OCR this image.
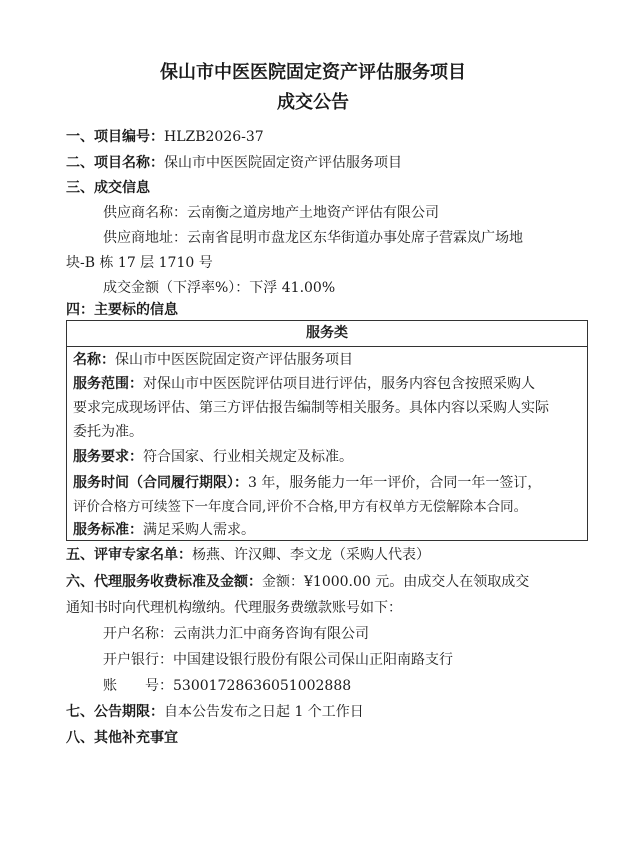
保山市中医医院固定资产评估服务项目
成交公告
一、项目编号：HLZB2026-37
二、项目名称：保山市中医医院固定资产评估服务项目
三、成交信息
供应商名称：云南衡之道房地产土地资产评估有限公司
供应商地址：云南省昆明市盘龙区东华街道办事处席子营霖岚广场地
块-B 栋 17 层 1710 号
成交金额（下浮率%）：下浮 41.00%
四：主要标的信息
服务类
名称：保山市中医医院固定资产评估服务项目
服务范围：对保山市中医医院评估项目进行评估，服务内容包含按照采购人
要求完成现场评估、第三方评估报告编制等相关服务。具体内容以采购人实际
委托为准。
服务要求：符合国家、行业相关规定及标准。
服务时间（合同履行期限）：3 年，服务能力一年一评价，合同一年一签订，
评价合格方可续签下一年度合同,评价不合格,甲方有权单方无偿解除本合同。
服务标准：满足采购人需求。
五、评审专家名单：杨燕、许汉卿、李文龙（采购人代表）
六、代理服务收费标准及金额：金额：¥1000.00 元。由成交人在领取成交
通知书时向代理机构缴纳。代理服务费缴款账号如下：
开户名称：云南洪力汇中商务咨询有限公司
开户银行：中国建设银行股份有限公司保山正阳南路支行
账　　号：53001728636051002888
七、公告期限：自本公告发布之日起 1 个工作日
八、其他补充事宜
